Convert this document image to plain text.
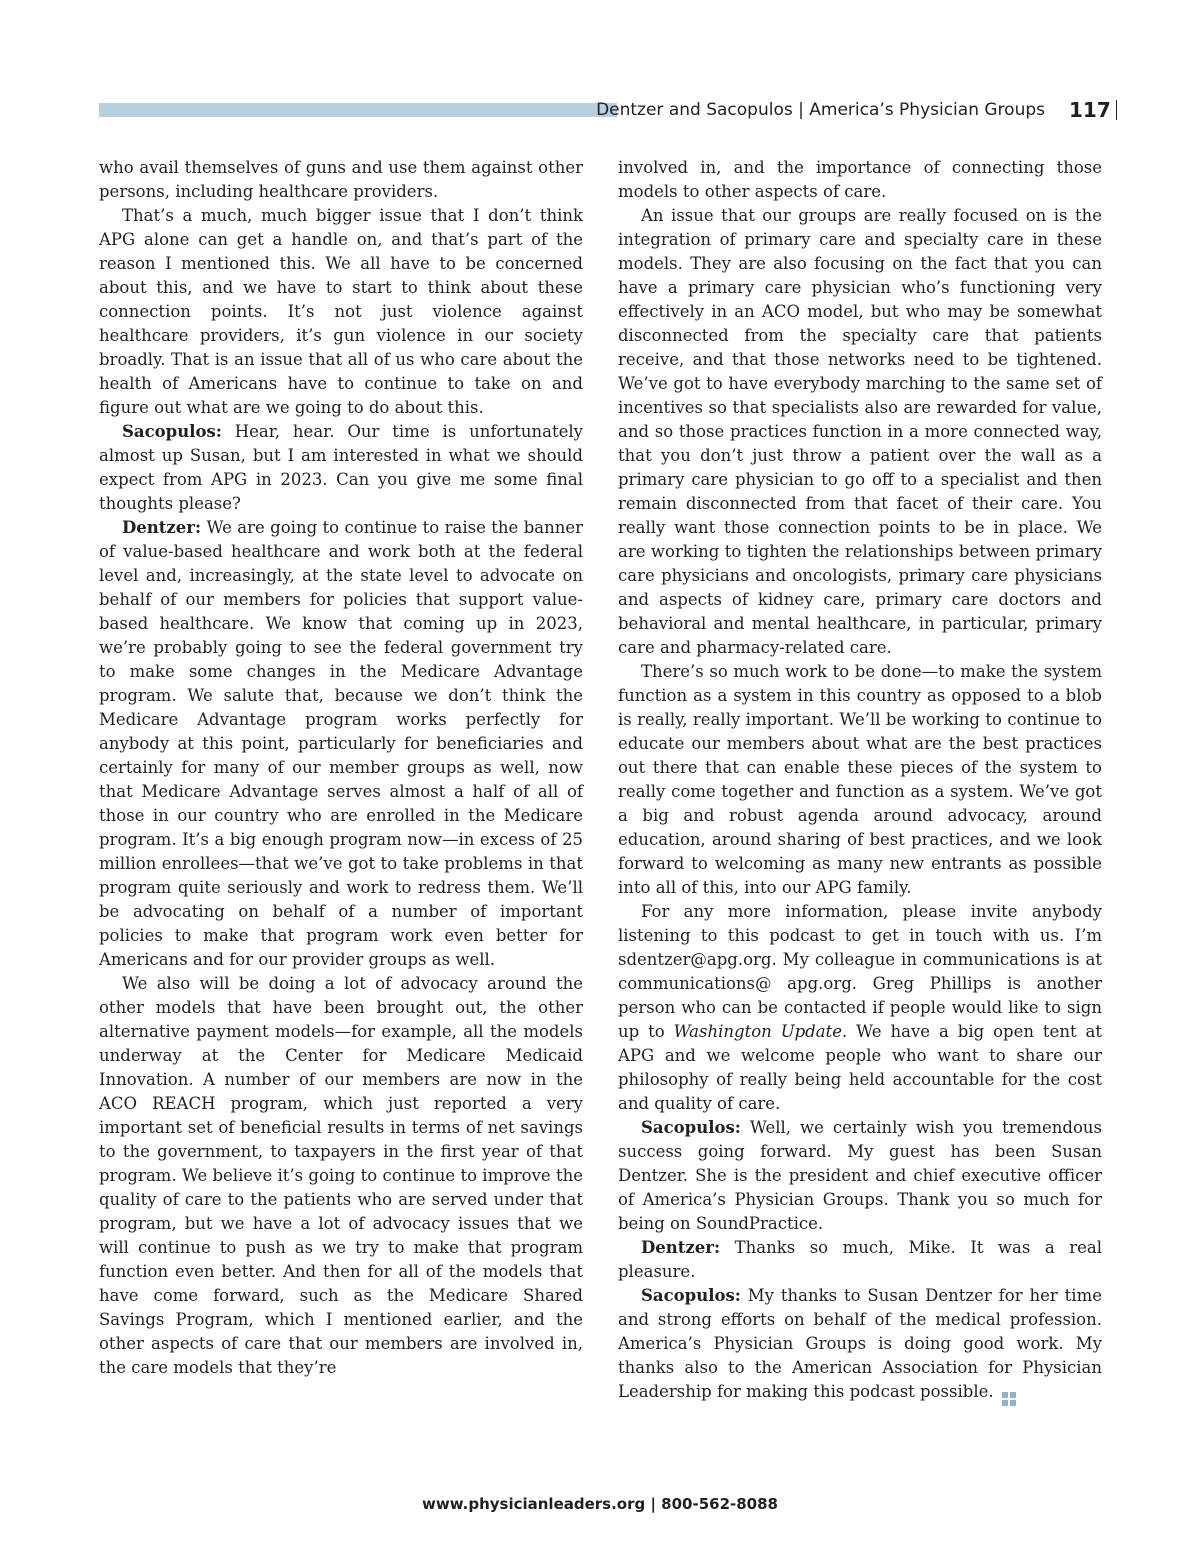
Dentzer and Sacopulos | America’s Physician Groups 117

who avail themselves of guns and use them against other persons, including healthcare providers.

That’s a much, much bigger issue that I don’t think APG alone can get a handle on, and that’s part of the reason I mentioned this. We all have to be concerned about this, and we have to start to think about these connection points. It’s not just violence against healthcare providers, it’s gun violence in our society broadly. That is an issue that all of us who care about the health of Americans have to continue to take on and figure out what are we going to do about this.

Sacopulos: Hear, hear. Our time is unfortunately almost up Susan, but I am interested in what we should expect from APG in 2023. Can you give me some final thoughts please?

Dentzer: We are going to continue to raise the banner of value-based healthcare and work both at the federal level and, increasingly, at the state level to advocate on behalf of our members for policies that support value-based healthcare. We know that coming up in 2023, we’re probably going to see the federal government try to make some changes in the Medicare Advantage program. We salute that, because we don’t think the Medicare Advantage program works perfectly for anybody at this point, particularly for beneficiaries and certainly for many of our member groups as well, now that Medicare Advantage serves almost a half of all of those in our country who are enrolled in the Medicare program. It’s a big enough program now—in excess of 25 million enrollees—that we’ve got to take problems in that program quite seriously and work to redress them. We’ll be advocating on behalf of a number of important policies to make that program work even better for Americans and for our provider groups as well.

We also will be doing a lot of advocacy around the other models that have been brought out, the other alternative payment models—for example, all the models underway at the Center for Medicare Medicaid Innovation. A number of our members are now in the ACO REACH program, which just reported a very important set of beneficial results in terms of net savings to the government, to taxpayers in the first year of that program. We believe it’s going to continue to improve the quality of care to the patients who are served under that program, but we have a lot of advocacy issues that we will continue to push as we try to make that program function even better. And then for all of the models that have come forward, such as the Medicare Shared Savings Program, which I mentioned earlier, and the other aspects of care that our members are involved in, the care models that they’re

involved in, and the importance of connecting those models to other aspects of care.

An issue that our groups are really focused on is the integration of primary care and specialty care in these models. They are also focusing on the fact that you can have a primary care physician who’s functioning very effectively in an ACO model, but who may be somewhat disconnected from the specialty care that patients receive, and that those networks need to be tightened. We’ve got to have everybody marching to the same set of incentives so that specialists also are rewarded for value, and so those practices function in a more connected way, that you don’t just throw a patient over the wall as a primary care physician to go off to a specialist and then remain disconnected from that facet of their care. You really want those connection points to be in place. We are working to tighten the relationships between primary care physicians and oncologists, primary care physicians and aspects of kidney care, primary care doctors and behavioral and mental healthcare, in particular, primary care and pharmacy-related care.

There’s so much work to be done—to make the system function as a system in this country as opposed to a blob is really, really important. We’ll be working to continue to educate our members about what are the best practices out there that can enable these pieces of the system to really come together and function as a system. We’ve got a big and robust agenda around advocacy, around education, around sharing of best practices, and we look forward to welcoming as many new entrants as possible into all of this, into our APG family.

For any more information, please invite anybody listening to this podcast to get in touch with us. I’m sdentzer@apg.org. My colleague in communications is at communications@ apg.org. Greg Phillips is another person who can be contacted if people would like to sign up to Washington Update. We have a big open tent at APG and we welcome people who want to share our philosophy of really being held accountable for the cost and quality of care.

Sacopulos: Well, we certainly wish you tremendous success going forward. My guest has been Susan Dentzer. She is the president and chief executive officer of America’s Physician Groups. Thank you so much for being on SoundPractice.

Dentzer: Thanks so much, Mike. It was a real pleasure.

Sacopulos: My thanks to Susan Dentzer for her time and strong efforts on behalf of the medical profession. America’s Physician Groups is doing good work. My thanks also to the American Association for Physician Leadership for making this podcast possible.

www.physicianleaders.org | 800-562-8088
